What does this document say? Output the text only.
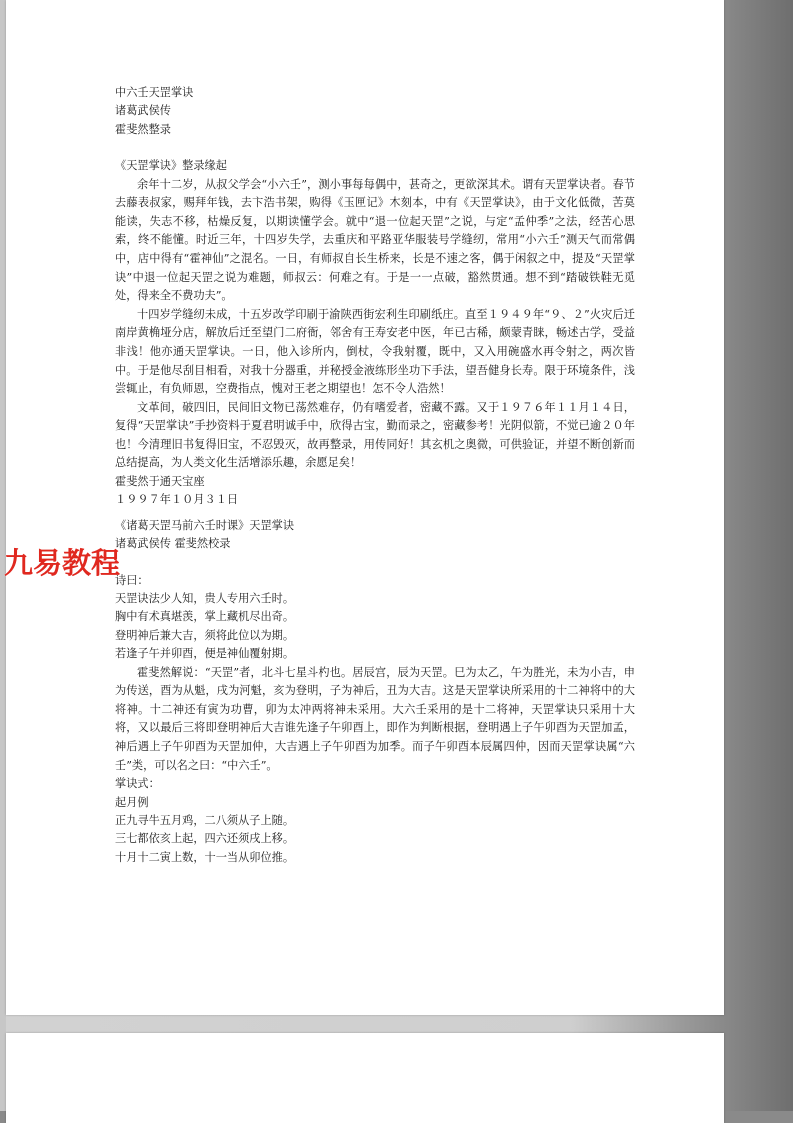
中六壬天罡掌诀
诸葛武侯传
霍斐然整录
《天罡掌诀》整录缘起
余年十二岁，从叔父学会“小六壬”，测小事每每偶中，甚奇之，更欲深其术。谓有天罡掌诀者。春节去藤表叔家，赐拜年钱，去卞浩书架，购得《玉匣记》木刻本，中有《天罡掌诀》，由于文化低微，苦莫能读，失志不移，枯燥反复，以期读懂学会。就中“退一位起天罡”之说，与定“孟仲季”之法，经苦心思索，终不能懂。时近三年，十四岁失学，去重庆和平路亚华服装号学缝纫，常用“小六壬”测天气而常偶中，店中得有“霍神仙”之混名。一日，有师叔自长生桥来，长是不速之客，偶于闲叙之中，提及“天罡掌诀”中退一位起天罡之说为难题，师叔云：何难之有。于是一一点破，豁然贯通。想不到“踏破铁鞋无觅处，得来全不费功夫”。
十四岁学缝纫未成，十五岁改学印刷于渝陕西街宏利生印刷纸庄。直至１９４９年“９、２”火灾后迁南岸黄桷垭分店，解放后迁至望门二府衙，邻舍有王寿安老中医，年已古稀，颇蒙青睐，畅述古学，受益非浅！他亦通天罡掌诀。一日，他入诊所内，倒杖，令我射覆，既中，又入用碗盛水再令射之，两次皆中。于是他尽刮目相看，对我十分器重，并秘授金液练形坐功下手法，望吾健身长寿。限于环境条件，浅尝辄止，有负师恩，空费指点，愧对王老之期望也！怎不令人浩然！
文革间，破四旧，民间旧文物已荡然难存，仍有嗜爱者，密藏不露。又于１９７６年１１月１４日，复得“天罡掌诀”手抄资料于夏君明诚手中，欣得古宝，勤而录之，密藏参考！光阴似箭，不觉已逾２０年也！今清理旧书复得旧宝，不忍毁灭，故再整录，用传同好！其玄机之奥微，可供验证，并望不断创新而总结提高，为人类文化生活增添乐趣，余愿足矣！
霍斐然于通天宝座
１９９７年１０月３１日
《诸葛天罡马前六壬时课》天罡掌诀
诸葛武侯传 霍斐然校录
诗曰：
天罡诀法少人知，贵人专用六壬时。
胸中有术真堪羡，掌上藏机尽出奇。
登明神后兼大吉，须将此位以为期。
若逢子午并卯酉，便是神仙覆射期。
霍斐然解说：“天罡”者，北斗七星斗杓也。居辰宫，辰为天罡。巳为太乙，午为胜光，未为小吉，申为传送，酉为从魁，戌为河魁，亥为登明，子为神后，丑为大吉。这是天罡掌诀所采用的十二神将中的大将神。十二神还有寅为功曹，卯为太冲两将神未采用。大六壬采用的是十二将神，天罡掌诀只采用十大将，又以最后三将即登明神后大吉谁先逢子午卯酉上，即作为判断根据，登明遇上子午卯酉为天罡加孟，神后遇上子午卯酉为天罡加仲，大吉遇上子午卯酉为加季。而子午卯酉本辰属四仲，因而天罡掌诀属“六壬”类，可以名之曰：“中六壬”。
掌诀式：
起月例
正九寻牛五月鸡，二八须从子上随。
三七都依亥上起，四六还须戌上移。
十月十二寅上数，十一当从卯位推。
九易教程
